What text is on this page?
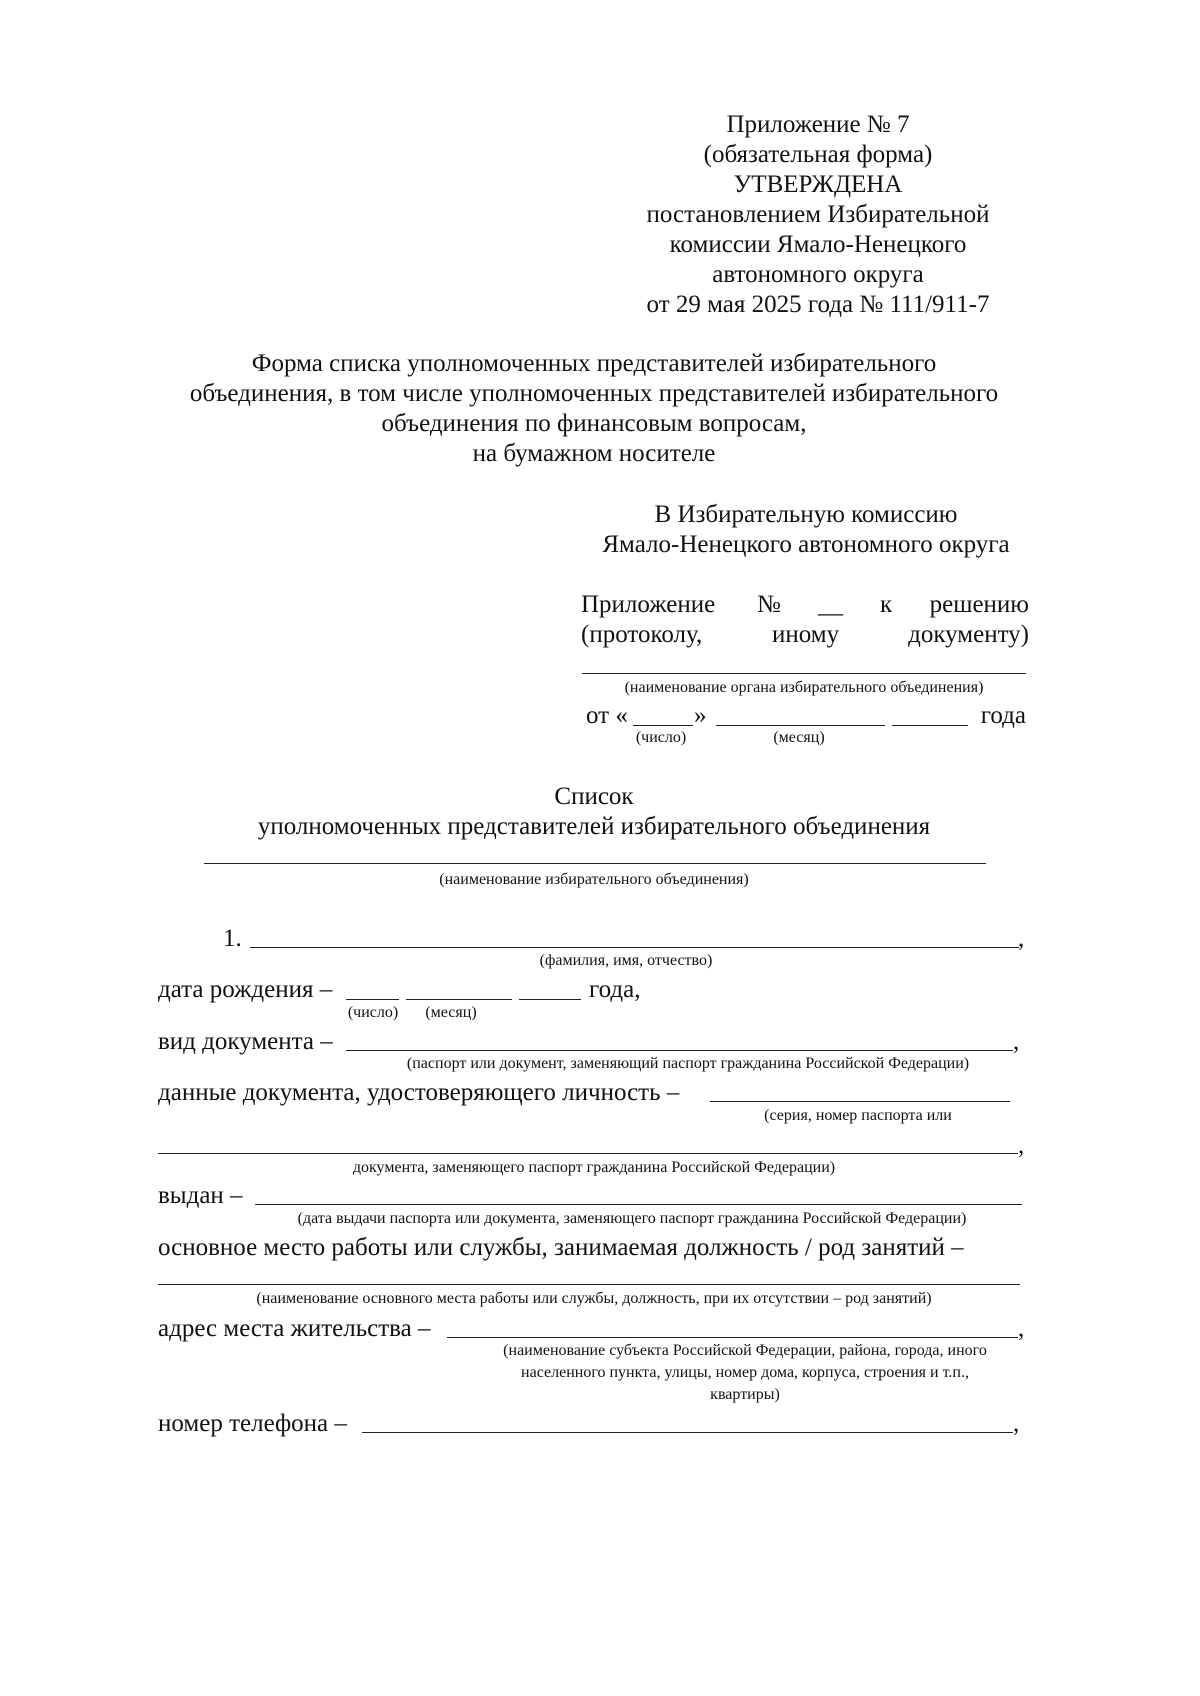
Приложение № 7
(обязательная форма)
УТВЕРЖДЕНА
постановлением Избирательной
комиссии Ямало-Ненецкого
автономного округа
от 29 мая 2025 года № 111/911-7
Форма списка уполномоченных представителей избирательного
объединения, в том числе уполномоченных представителей избирательного
объединения по финансовым вопросам,
на бумажном носителе
В Избирательную комиссию
Ямало-Ненецкого автономного округа
Приложение № __ к решению
(протоколу,	иному	документу)
(наименование органа избирательного объединения)
от «	»	года
(число)	(месяц)
Список
уполномоченных представителей избирательного объединения
(наименование избирательного объединения)
1.	,
(фамилия, имя, отчество)
дата рождения –	года,
(число) (месяц)
вид документа –	,
(паспорт или документ, заменяющий паспорт гражданина Российской Федерации)
данные документа, удостоверяющего личность –
(серия, номер паспорта или
,
документа, заменяющего паспорт гражданина Российской Федерации)
выдан –
(дата выдачи паспорта или документа, заменяющего паспорт гражданина Российской Федерации)
основное место работы или службы, занимаемая должность / род занятий –
(наименование основного места работы или службы, должность, при их отсутствии – род занятий)
адрес места жительства –	,
(наименование субъекта Российской Федерации, района, города, иного
населенного пункта, улицы, номер дома, корпуса, строения и т.п.,
квартиры)
номер телефона –	,
